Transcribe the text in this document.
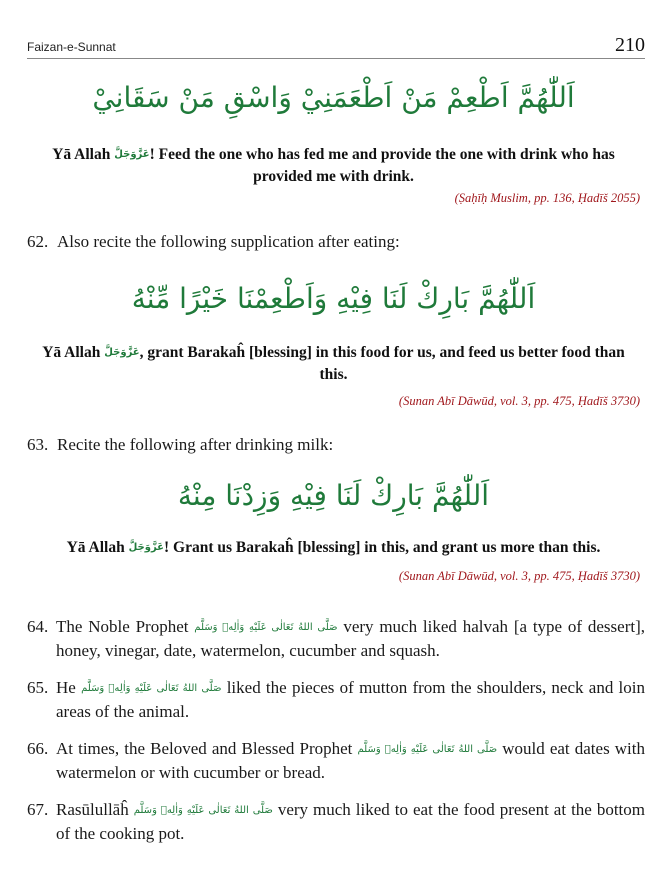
Faizan-e-Sunnat	210
اَللّٰهُمَّ اَطْعِمْ مَنْ اَطْعَمَنِيْ وَاسْقِ مَنْ سَقَانِيْ
Yā Allah عَزَّوَجَلَّ! Feed the one who has fed me and provide the one with drink who has provided me with drink.
(Ṣaḥīḥ Muslim, pp. 136, Ḥadīš 2055)
62. Also recite the following supplication after eating:
اَللّٰهُمَّ بَارِكْ لَنَا فِيْهِ وَاَطْعِمْنَا خَيْرًا مِّنْهُ
Yā Allah عَزَّوَجَلَّ, grant Barakaĥ [blessing] in this food for us, and feed us better food than this.
(Sunan Abī Dāwūd, vol. 3, pp. 475, Ḥadīš 3730)
63. Recite the following after drinking milk:
اَللّٰهُمَّ بَارِكْ لَنَا فِيْهِ وَزِدْنَا مِنْهُ
Yā Allah عَزَّوَجَلَّ! Grant us Barakaĥ [blessing] in this, and grant us more than this.
(Sunan Abī Dāwūd, vol. 3, pp. 475, Ḥadīš 3730)
64. The Noble Prophet صَلَّى اللهُ تَعَالٰى عَلَيْهِ وَاٰلِهٖ وَسَلَّم very much liked halvah [a type of dessert], honey, vinegar, date, watermelon, cucumber and squash.
65. He صَلَّى اللهُ تَعَالٰى عَلَيْهِ وَاٰلِهٖ وَسَلَّم liked the pieces of mutton from the shoulders, neck and loin areas of the animal.
66. At times, the Beloved and Blessed Prophet صَلَّى اللهُ تَعَالٰى عَلَيْهِ وَاٰلِهٖ وَسَلَّم would eat dates with watermelon or with cucumber or bread.
67. Rasūlullāĥ صَلَّى اللهُ تَعَالٰى عَلَيْهِ وَاٰلِهٖ وَسَلَّم very much liked to eat the food present at the bottom of the cooking pot.
